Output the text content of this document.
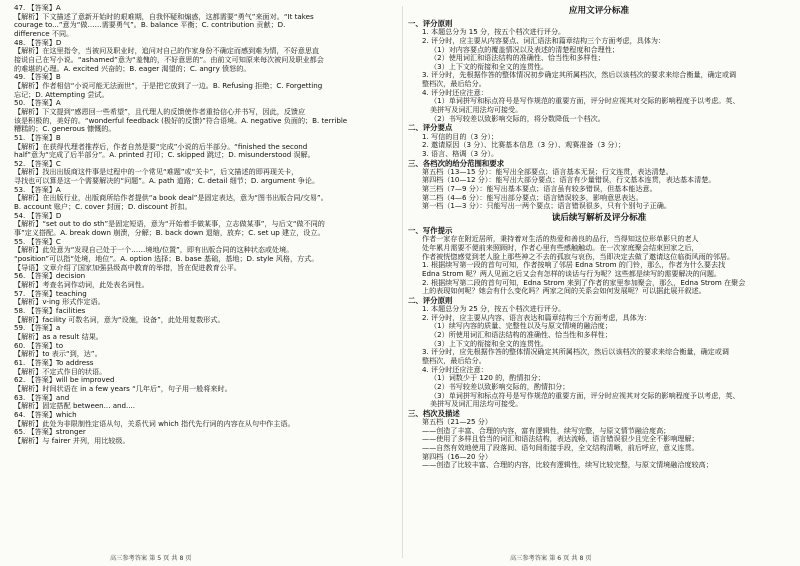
47. 【答案】A
【解析】下文描述了意新开始时的艰难期，自我怀疑和煽惑，这都需要“勇气”来面对。“It takes
courage to...”意为“做……需要勇气”。B. balance 平衡；C. contribution 贡献；D.
difference 不同。
48. 【答案】D
【解析】在这里指令，当被问及职业时，追问对自己的作家身份不确定而感到难为情，不好意思直
接说自己在写小说。“ashamed”意为“羞愧的，不好意思的”。由前文可知原来每次被问及职业都会
的难堪的心理。A. excited 兴奋的；B. eager 渴望的；C. angry 愤怒的。
49. 【答案】B
【解析】作者相信“小说可能无法面世”，于是把它放到了一边。B. Refusing 拒绝；C. Forgetting
忘记；D. Attempting 尝试。
50. 【答案】A
【解析】下文提到“感恩回一些希望”，且代理人的反馈使作者重拾信心并书写，因此，反馈应
该是积极的，美好的。“wonderful feedback (极好的反馈)”符合语境。A. negative 负面的；B. terrible
糟糕的；C. generous 慷慨的。
51. 【答案】B
【解析】在获得代理者推荐后，作者自然是要“完成”小说的后半部分。“finished the second
half”意为“完成了后半部分”。A. printed 打印；C. skipped 跳过；D. misunderstood 误解。
52. 【答案】C
【解析】找出出版商这件事是过程中的一个常见“难题”或“关卡”，后文描述的即再现关卡，
寻找也可以算是这一个需要解决的“问题”。A. path 道路；C. detail 细节；D. argument 争论。
53. 【答案】A
【解析】在出版行业，出版商所给作者提供“a book deal”是固定表达，意为“图书出版合同/交易”。
B. account 账户；C. cover 封面；D. discount 折扣。
54. 【答案】D
【解析】“set out to do sth”是固定短语，意为“开始着手做某事，立志做某事”，与后文“做不同的
事”定义搭配。A. break down 崩溃，分解；B. back down 退缩，放弃；C. set up 建立，设立。
55. 【答案】C
【解析】此处意为“发现自己处于一个……境地/位置”，即有出版合同的这种状态或处境。
“position”可以指“处境，地位”。A. option 选择；B. base 基础，基地；D. style 风格，方式。
【导语】文章介绍了国家加强县级高中教育的举措，旨在促进教育公平。
56. 【答案】decision
【解析】考查名词作动词，此处表名词性。
57. 【答案】teaching
【解析】v-ing 形式作定语。
58. 【答案】facilities
【解析】facility 可数名词，意为“设施，设备”，此处用复数形式。
59. 【答案】a
【解析】as a result 结果。
60. 【答案】to
【解析】to 表示“到，达”。
61. 【答案】To address
【解析】不定式作目的状语。
62. 【答案】will be improved
【解析】时间状语在 in a few years “几年后”，句子用一般将来时。
63. 【答案】and
【解析】固定搭配 between... and....
64. 【答案】which
【解析】此处为非限制性定语从句，关系代词 which 指代先行词的内容在从句中作主语。
65. 【答案】stronger
【解析】与 fairer 并列，用比较级。
应用文评分标准
一、评分原则
1. 本题总分为 15 分，按五个档次进行评分。
2. 评分时，应主要从内容要点、词汇语法和篇章结构三个方面考虑，具体为：
（1）对内容要点的覆盖情况以及表述的清楚程度和合理性；
（2）使用词汇和语法结构的准确性、恰当性和多样性；
（3）上下文的衔接和全文的连贯性。
3. 评分时，先根据作答的整体情况初步确定其所属档次，然后以该档次的要求来综合衡量，确定或调
整档次，最后给分。
4. 评分时还应注意：
（1）单词拼写和标点符号是写作规范的重要方面，评分时应视其对交际的影响程度予以考虑。英、
美拼写及词汇用法均可接受。
（2）书写较差以致影响交际的，将分数降低一个档次。
二、评分要点
1. 写信的目的（3 分）；
2. 邀请原因（3 分）、比赛基本信息（3 分）、观赛准备（3 分）；
3. 语言、格调（3 分）。
三、各档次的给分范围和要求
第五档（13—15 分）：能写出全部要点；语言基本无误；行文连贯，表达清楚。
第四档（10—12 分）：能写出大部分要点；语言有少量错误，行文基本连贯，表达基本清楚。
第三档（7—9 分）：能写出基本要点；语言虽有较多错误，但基本能达意。
第二档（4—6 分）：能写出部分要点；语言错误较多，影响意思表达。
第一档（1—3 分）：只能写出一两个要点；语言错误很多，只有个别句子正确。
读后续写解析及评分标准
一、写作提示
作者一家存在附近居所，秉持着对生活的热爱和善良的品行，当得知这位形单影只的老人
处年累月需要不便前来照顾时，作者心里有些感触触动。在一次家庭聚会结束回家之后，
作者被恍惚感觉到老人脸上那些神之不去的孤寂与哀伤，当即决定去做了邀请这位临街风雨的邻居。
1. 根据续写第一段的首句可知，作者按响了邻居 Edna Strom 的门铃，那么，作者为什么要去找
Edna Strom 呢？两人见面之后又会有怎样的谈话与行为呢？这些都是续写的需要解决的问题。
2. 根据续写第二段的首句可知，Edna Strom 来到了作者的家里参加聚会，那么，Edna Strom 在聚会
上的表现如何呢？她会有什么变化吗？两家之间的关系会如何发展呢？可以据此展开叙述。
二、评分原则
1. 本题总分为 25 分，按五个档次进行评分。
2. 评分时，应主要从内容、语言表达和篇章结构三个方面考虑，具体为：
（1）续写内容的质量、完整性以及与原文情境的融洽度；
（2）所使用词汇和语法结构的准确性、恰当性和多样性；
（3）上下文的衔接和全文的连贯性。
3. 评分时，应先根据作答的整体情况确定其所属档次，然后以该档次的要求来综合衡量，确定或调
整档次，最后给分。
4. 评分时还应注意：
（1）词数少于 120 的，酌情扣分；
（2）书写较差以致影响交际的，酌情扣分；
（3）单词拼写和标点符号是写作规范的重要方面，评分时应视其对交际的影响程度予以考虑，英、
美拼写及词汇用法均可接受。
三、档次及描述
第五档（21—25 分）
——创造了丰富、合理的内容，富有逻辑性，续写完整，与原文情节融洽度高；
——使用了多样且恰当的词汇和语法结构，表达流畅，语言错误很少且完全不影响理解；
——自然有效地使用了段落间、语句间衔接手段，全文结构清晰，前后呼应，意义连贯。
第四档（16—20 分）
——创造了比较丰富、合理的内容，比较有逻辑性，续写比较完整，与原文情境融洽度较高；
高三参考答案 第 5 页 共 8 页	高三参考答案 第 6 页 共 8 页
